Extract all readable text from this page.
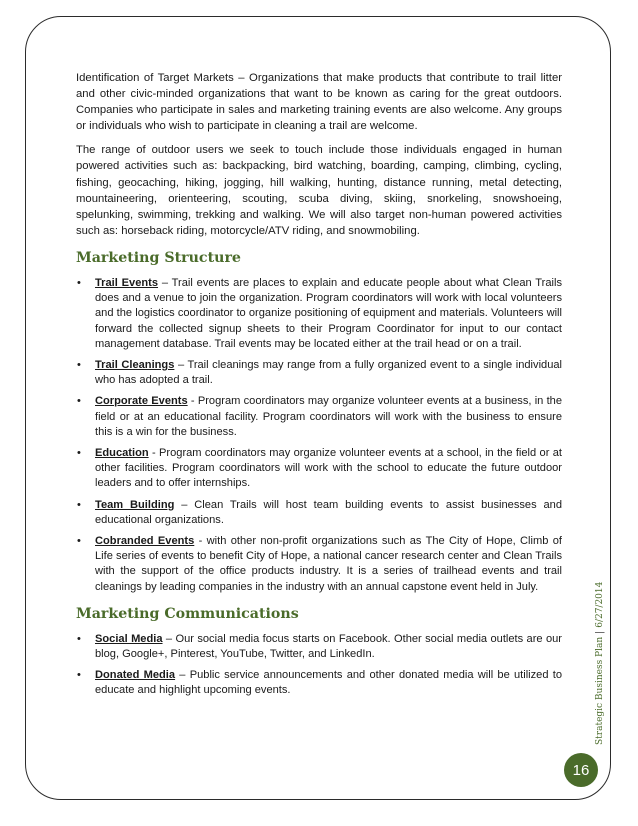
Identification of Target Markets – Organizations that make products that contribute to trail litter and other civic-minded organizations that want to be known as caring for the great outdoors. Companies who participate in sales and marketing training events are also welcome. Any groups or individuals who wish to participate in cleaning a trail are welcome.

The range of outdoor users we seek to touch include those individuals engaged in human powered activities such as: backpacking, bird watching, boarding, camping, climbing, cycling, fishing, geocaching, hiking, jogging, hill walking, hunting, distance running, metal detecting, mountaineering, orienteering, scouting, scuba diving, skiing, snorkeling, snowshoeing, spelunking, swimming, trekking and walking. We will also target non-human powered activities such as: horseback riding, motorcycle/ATV riding, and snowmobiling.

Marketing Structure
• Trail Events – Trail events are places to explain and educate people about what Clean Trails does and a venue to join the organization. Program coordinators will work with local volunteers and the logistics coordinator to organize positioning of equipment and materials. Volunteers will forward the collected signup sheets to their Program Coordinator for input to our contact management database. Trail events may be located either at the trail head or on a trail.
• Trail Cleanings – Trail cleanings may range from a fully organized event to a single individual who has adopted a trail.
• Corporate Events - Program coordinators may organize volunteer events at a business, in the field or at an educational facility. Program coordinators will work with the business to ensure this is a win for the business.
• Education - Program coordinators may organize volunteer events at a school, in the field or at other facilities. Program coordinators will work with the school to educate the future outdoor leaders and to offer internships.
• Team Building – Clean Trails will host team building events to assist businesses and educational organizations.
• Cobranded Events - with other non-profit organizations such as The City of Hope, Climb of Life series of events to benefit City of Hope, a national cancer research center and Clean Trails with the support of the office products industry. It is a series of trailhead events and trail cleanings by leading companies in the industry with an annual capstone event held in July.
Marketing Communications
• Social Media – Our social media focus starts on Facebook. Other social media outlets are our blog, Google+, Pinterest, YouTube, Twitter, and LinkedIn.
• Donated Media – Public service announcements and other donated media will be utilized to educate and highlight upcoming events.	Strategic Business Plan|6/27/2014
16
